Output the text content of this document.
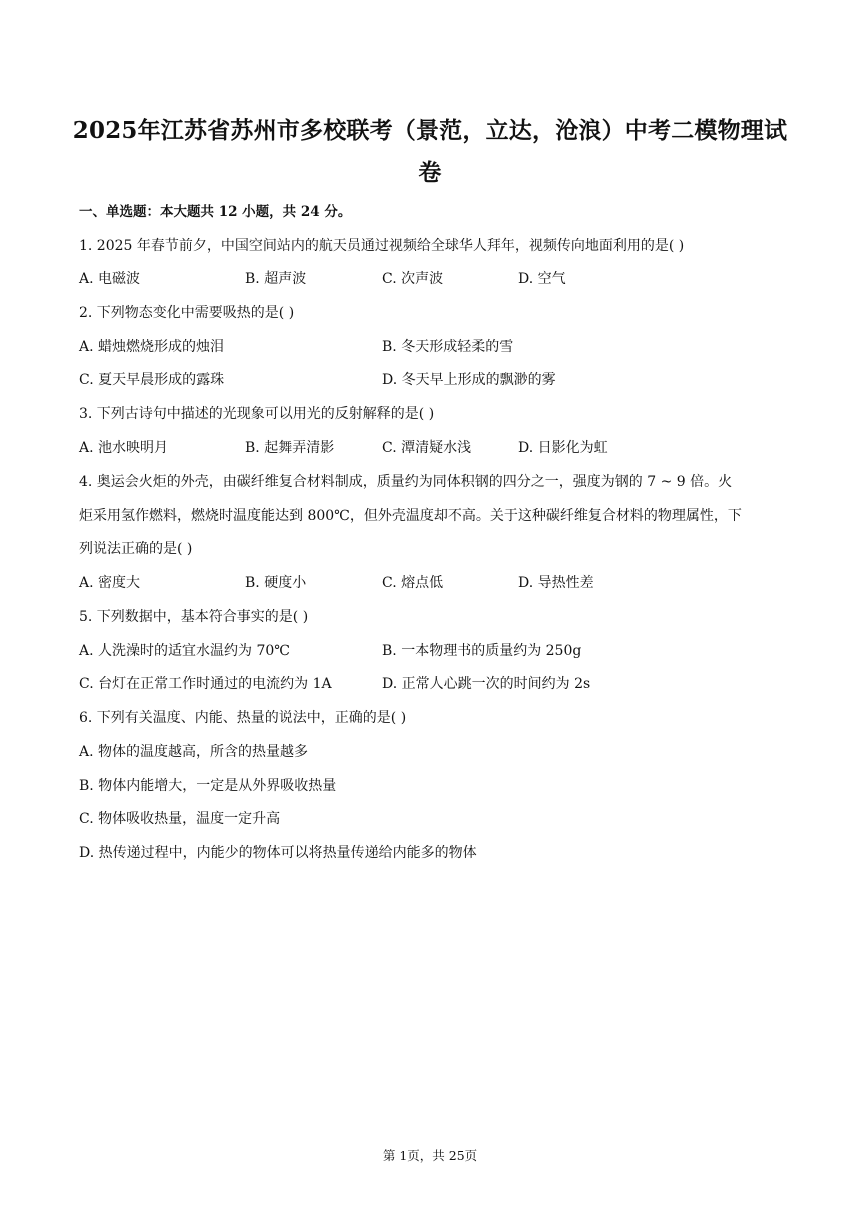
2025年江苏省苏州市多校联考（景范，立达，沧浪）中考二模物理试
卷
一、单选题：本大题共 12 小题，共 24 分。
1. 2025 年春节前夕，中国空间站内的航天员通过视频给全球华人拜年，视频传向地面利用的是( )
A. 电磁波	B. 超声波	C. 次声波	D. 空气
2. 下列物态变化中需要吸热的是( )
A. 蜡烛燃烧形成的烛泪	B. 冬天形成轻柔的雪
C. 夏天早晨形成的露珠	D. 冬天早上形成的飘渺的雾
3. 下列古诗句中描述的光现象可以用光的反射解释的是( )
A. 池水映明月	B. 起舞弄清影	C. 潭清疑水浅	D. 日影化为虹
4. 奥运会火炬的外壳，由碳纤维复合材料制成，质量约为同体积钢的四分之一，强度为钢的 7 ~ 9 倍。火
炬采用氢作燃料，燃烧时温度能达到 800℃，但外壳温度却不高。关于这种碳纤维复合材料的物理属性，下
列说法正确的是( )
A. 密度大	B. 硬度小	C. 熔点低	D. 导热性差
5. 下列数据中，基本符合事实的是( )
A. 人洗澡时的适宜水温约为 70℃	B. 一本物理书的质量约为 250g
C. 台灯在正常工作时通过的电流约为 1A	D. 正常人心跳一次的时间约为 2s
6. 下列有关温度、内能、热量的说法中，正确的是( )
A. 物体的温度越高，所含的热量越多
B. 物体内能增大，一定是从外界吸收热量
C. 物体吸收热量，温度一定升高
D. 热传递过程中，内能少的物体可以将热量传递给内能多的物体
第 1页，共 25页
